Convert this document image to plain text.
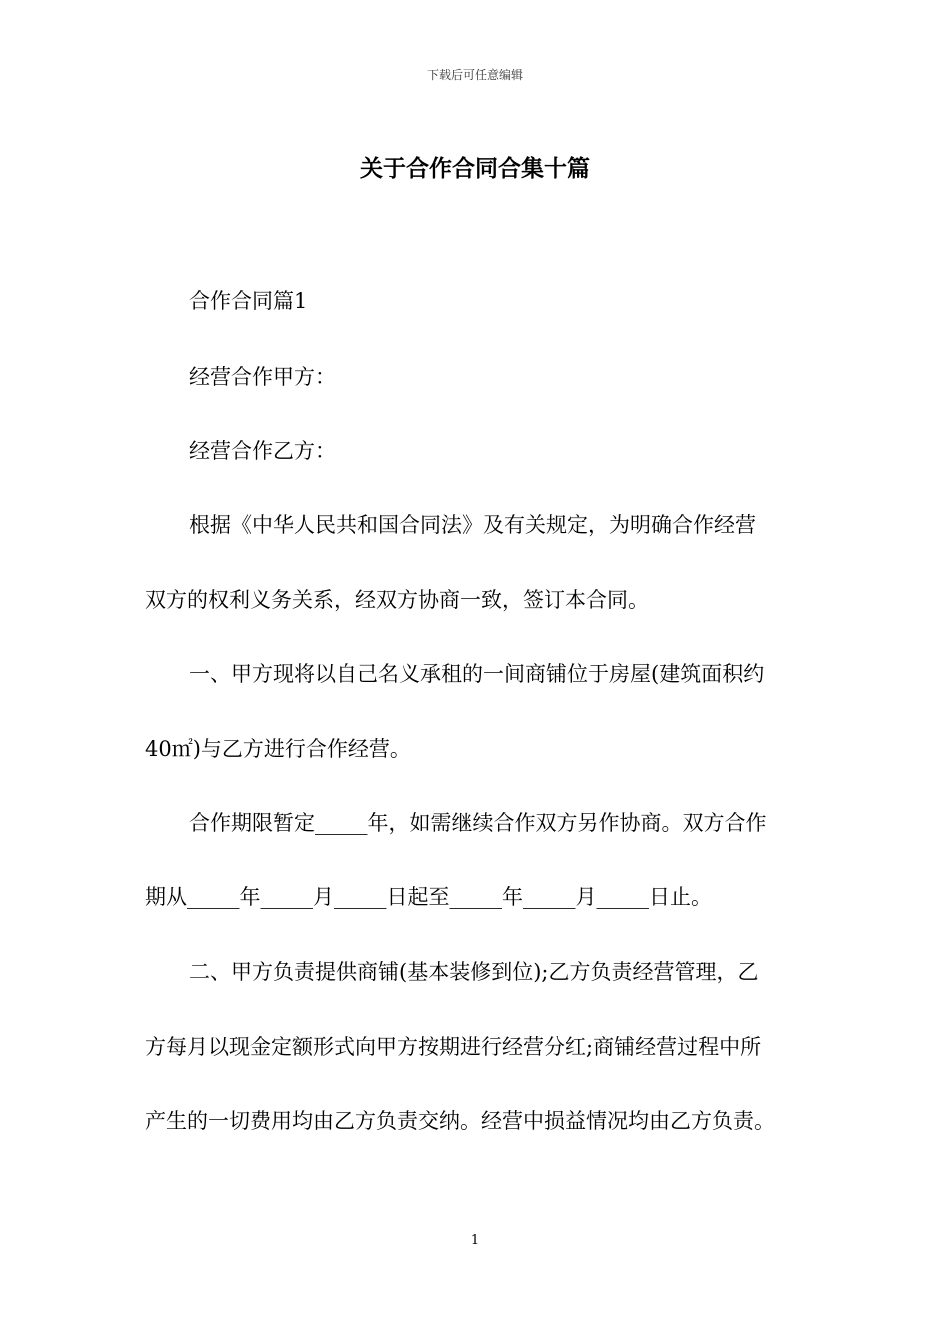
下载后可任意编辑
关于合作合同合集十篇
合作合同篇1
经营合作甲方：
经营合作乙方：
根据《中华人民共和国合同法》及有关规定，为明确合作经营
双方的权利义务关系，经双方协商一致，签订本合同。
一、甲方现将以自己名义承租的一间商铺位于房屋(建筑面积约
40㎡)与乙方进行合作经营。
合作期限暂定_____年，如需继续合作双方另作协商。双方合作
期从_____年_____月_____日起至_____年_____月_____日止。
二、甲方负责提供商铺(基本装修到位);乙方负责经营管理，乙
方每月以现金定额形式向甲方按期进行经营分红;商铺经营过程中所
产生的一切费用均由乙方负责交纳。经营中损益情况均由乙方负责。
1
